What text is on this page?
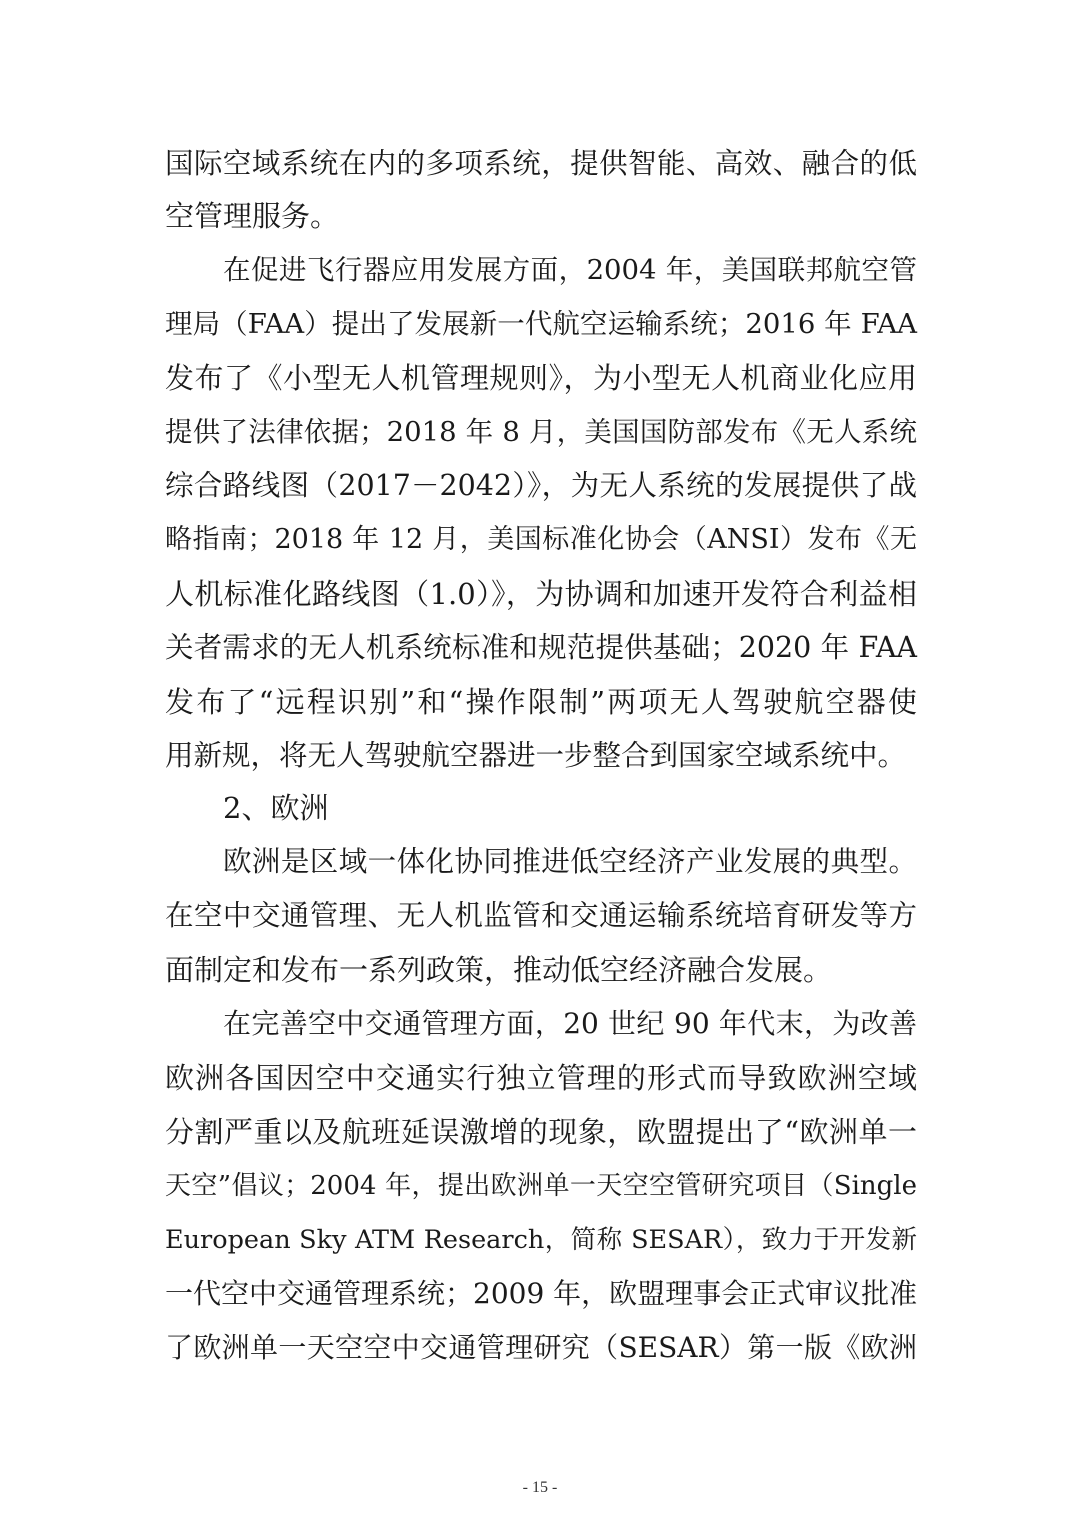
国际空域系统在内的多项系统，提供智能、高效、融合的低
空管理服务。
在促进飞行器应用发展方面，2004 年，美国联邦航空管
理局（FAA）提出了发展新一代航空运输系统；2016 年 FAA
发布了《小型无人机管理规则》，为小型无人机商业化应用
提供了法律依据；2018 年 8 月，美国国防部发布《无人系统
综合路线图（2017－2042）》，为无人系统的发展提供了战
略指南；2018 年 12 月，美国标准化协会（ANSI）发布《无
人机标准化路线图（1.0）》，为协调和加速开发符合利益相
关者需求的无人机系统标准和规范提供基础；2020 年 FAA
发布了“远程识别”和“操作限制”两项无人驾驶航空器使
用新规，将无人驾驶航空器进一步整合到国家空域系统中。
2、欧洲
欧洲是区域一体化协同推进低空经济产业发展的典型。
在空中交通管理、无人机监管和交通运输系统培育研发等方
面制定和发布一系列政策，推动低空经济融合发展。
在完善空中交通管理方面，20 世纪 90 年代末，为改善
欧洲各国因空中交通实行独立管理的形式而导致欧洲空域
分割严重以及航班延误激增的现象，欧盟提出了“欧洲单一
天空”倡议；2004 年，提出欧洲单一天空空管研究项目（Single
European Sky ATM Research，简称 SESAR），致力于开发新
一代空中交通管理系统；2009 年，欧盟理事会正式审议批准
了欧洲单一天空空中交通管理研究（SESAR）第一版《欧洲
- 15 -
